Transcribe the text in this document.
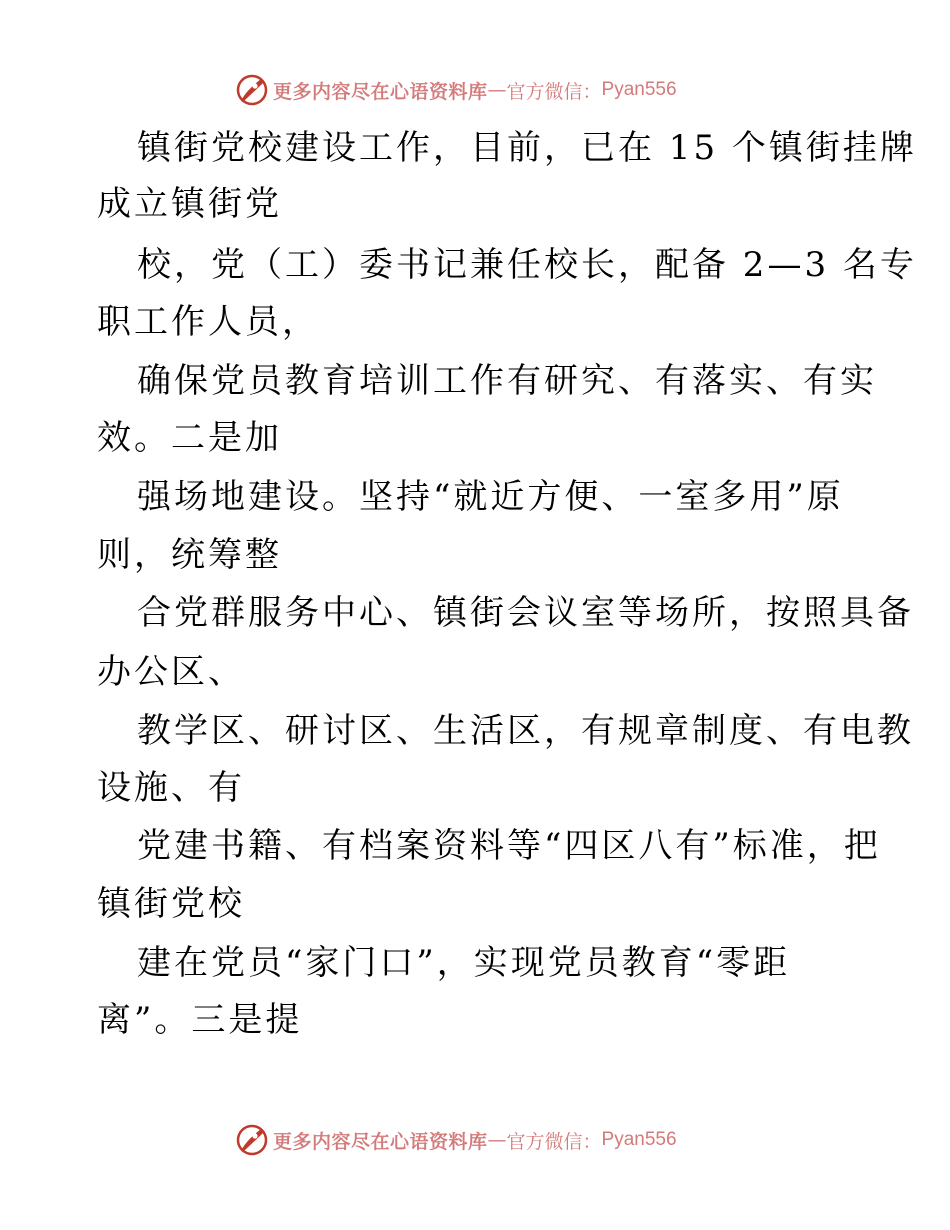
更多内容尽在心语资料库 — 官方微信： Pyan556
镇街党校建设工作，目前，已在 15 个镇街挂牌
成立镇街党
校，党（工）委书记兼任校长，配备 2—3 名专
职工作人员，
确保党员教育培训工作有研究、有落实、有实
效。二是加
强场地建设。坚持“就近方便、一室多用”原
则，统筹整
合党群服务中心、镇街会议室等场所，按照具备
办公区、
教学区、研讨区、生活区，有规章制度、有电教
设施、有
党建书籍、有档案资料等“四区八有”标准，把
镇街党校
建在党员“家门口”，实现党员教育“零距
离”。三是提
更多内容尽在心语资料库 — 官方微信： Pyan556
